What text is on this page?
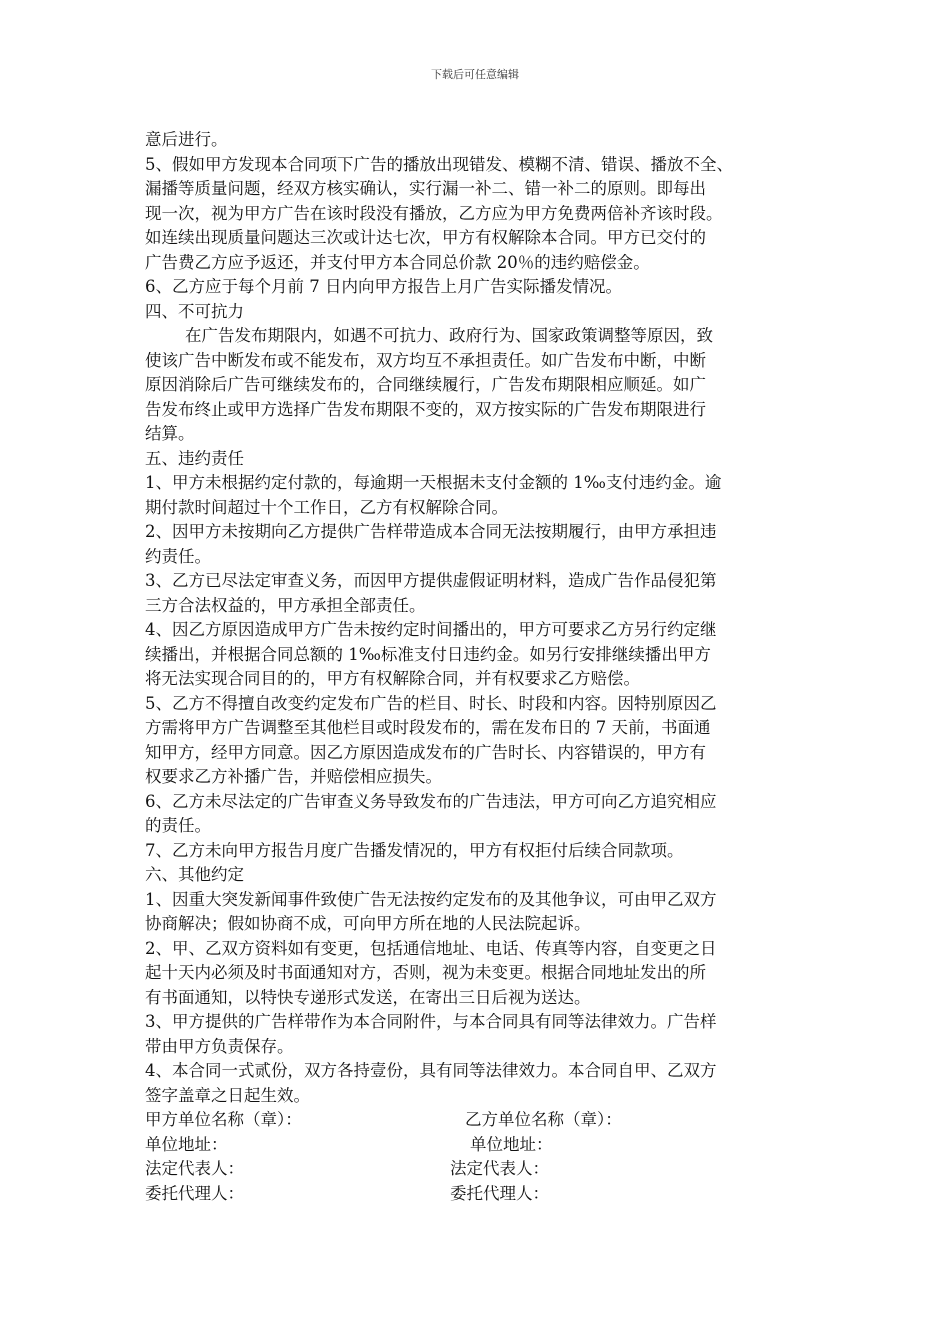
下载后可任意编辑
意后进行。
5、假如甲方发现本合同项下广告的播放出现错发、模糊不清、错误、播放不全、
漏播等质量问题，经双方核实确认，实行漏一补二、错一补二的原则。即每出
现一次，视为甲方广告在该时段没有播放，乙方应为甲方免费两倍补齐该时段。
如连续出现质量问题达三次或计达七次，甲方有权解除本合同。甲方已交付的
广告费乙方应予返还，并支付甲方本合同总价款 20％的违约赔偿金。
6、乙方应于每个月前 7 日内向甲方报告上月广告实际播发情况。
四、不可抗力
在广告发布期限内，如遇不可抗力、政府行为、国家政策调整等原因，致
使该广告中断发布或不能发布，双方均互不承担责任。如广告发布中断，中断
原因消除后广告可继续发布的，合同继续履行，广告发布期限相应顺延。如广
告发布终止或甲方选择广告发布期限不变的，双方按实际的广告发布期限进行
结算。
五、违约责任
1、甲方未根据约定付款的，每逾期一天根据未支付金额的 1‰支付违约金。逾
期付款时间超过十个工作日，乙方有权解除合同。
2、因甲方未按期向乙方提供广告样带造成本合同无法按期履行，由甲方承担违
约责任。
3、乙方已尽法定审查义务，而因甲方提供虚假证明材料，造成广告作品侵犯第
三方合法权益的，甲方承担全部责任。
4、因乙方原因造成甲方广告未按约定时间播出的，甲方可要求乙方另行约定继
续播出，并根据合同总额的 1‰标准支付日违约金。如另行安排继续播出甲方
将无法实现合同目的的，甲方有权解除合同，并有权要求乙方赔偿。
5、乙方不得擅自改变约定发布广告的栏目、时长、时段和内容。因特别原因乙
方需将甲方广告调整至其他栏目或时段发布的，需在发布日的 7 天前，书面通
知甲方，经甲方同意。因乙方原因造成发布的广告时长、内容错误的，甲方有
权要求乙方补播广告，并赔偿相应损失。
6、乙方未尽法定的广告审查义务导致发布的广告违法，甲方可向乙方追究相应
的责任。
7、乙方未向甲方报告月度广告播发情况的，甲方有权拒付后续合同款项。
六、其他约定
1、因重大突发新闻事件致使广告无法按约定发布的及其他争议，可由甲乙双方
协商解决；假如协商不成，可向甲方所在地的人民法院起诉。
2、甲、乙双方资料如有变更，包括通信地址、电话、传真等内容，自变更之日
起十天内必须及时书面通知对方，否则，视为未变更。根据合同地址发出的所
有书面通知，以特快专递形式发送，在寄出三日后视为送达。
3、甲方提供的广告样带作为本合同附件，与本合同具有同等法律效力。广告样
带由甲方负责保存。
4、本合同一式贰份，双方各持壹份，具有同等法律效力。本合同自甲、乙双方
签字盖章之日起生效。
甲方单位名称（章）：	乙方单位名称（章）：
单位地址：	单位地址：
法定代表人：	法定代表人：
委托代理人：	委托代理人：
